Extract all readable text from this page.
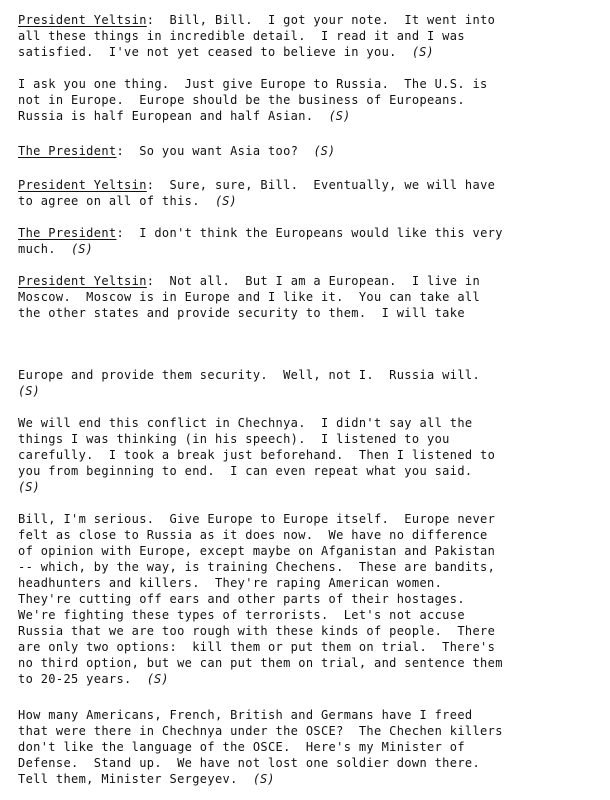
President Yeltsin:  Bill, Bill.  I got your note.  It went into
all these things in incredible detail.  I read it and I was
satisfied.  I've not yet ceased to believe in you. (S)
I ask you one thing.  Just give Europe to Russia.  The U.S. is
not in Europe.  Europe should be the business of Europeans.
Russia is half European and half Asian. (S)
The President:  So you want Asia too? (S)
President Yeltsin:  Sure, sure, Bill.  Eventually, we will have
to agree on all of this. (S)
The President:  I don't think the Europeans would like this very
much. (S)
President Yeltsin:  Not all.  But I am a European.  I live in
Moscow.  Moscow is in Europe and I like it.  You can take all
the other states and provide security to them.  I will take
Europe and provide them security.  Well, not I.  Russia will.
(S)
We will end this conflict in Chechnya.  I didn't say all the
things I was thinking (in his speech).  I listened to you
carefully.  I took a break just beforehand.  Then I listened to
you from beginning to end.  I can even repeat what you said.
(S)
Bill, I'm serious.  Give Europe to Europe itself.  Europe never
felt as close to Russia as it does now.  We have no difference
of opinion with Europe, except maybe on Afganistan and Pakistan
-- which, by the way, is training Chechens.  These are bandits,
headhunters and killers.  They're raping American women.
They're cutting off ears and other parts of their hostages.
We're fighting these types of terrorists.  Let's not accuse
Russia that we are too rough with these kinds of people.  There
are only two options:  kill them or put them on trial.  There's
no third option, but we can put them on trial, and sentence them
to 20-25 years. (S)
How many Americans, French, British and Germans have I freed
that were there in Chechnya under the OSCE?  The Chechen killers
don't like the language of the OSCE.  Here's my Minister of
Defense.  Stand up.  We have not lost one soldier down there.
Tell them, Minister Sergeyev. (S)
